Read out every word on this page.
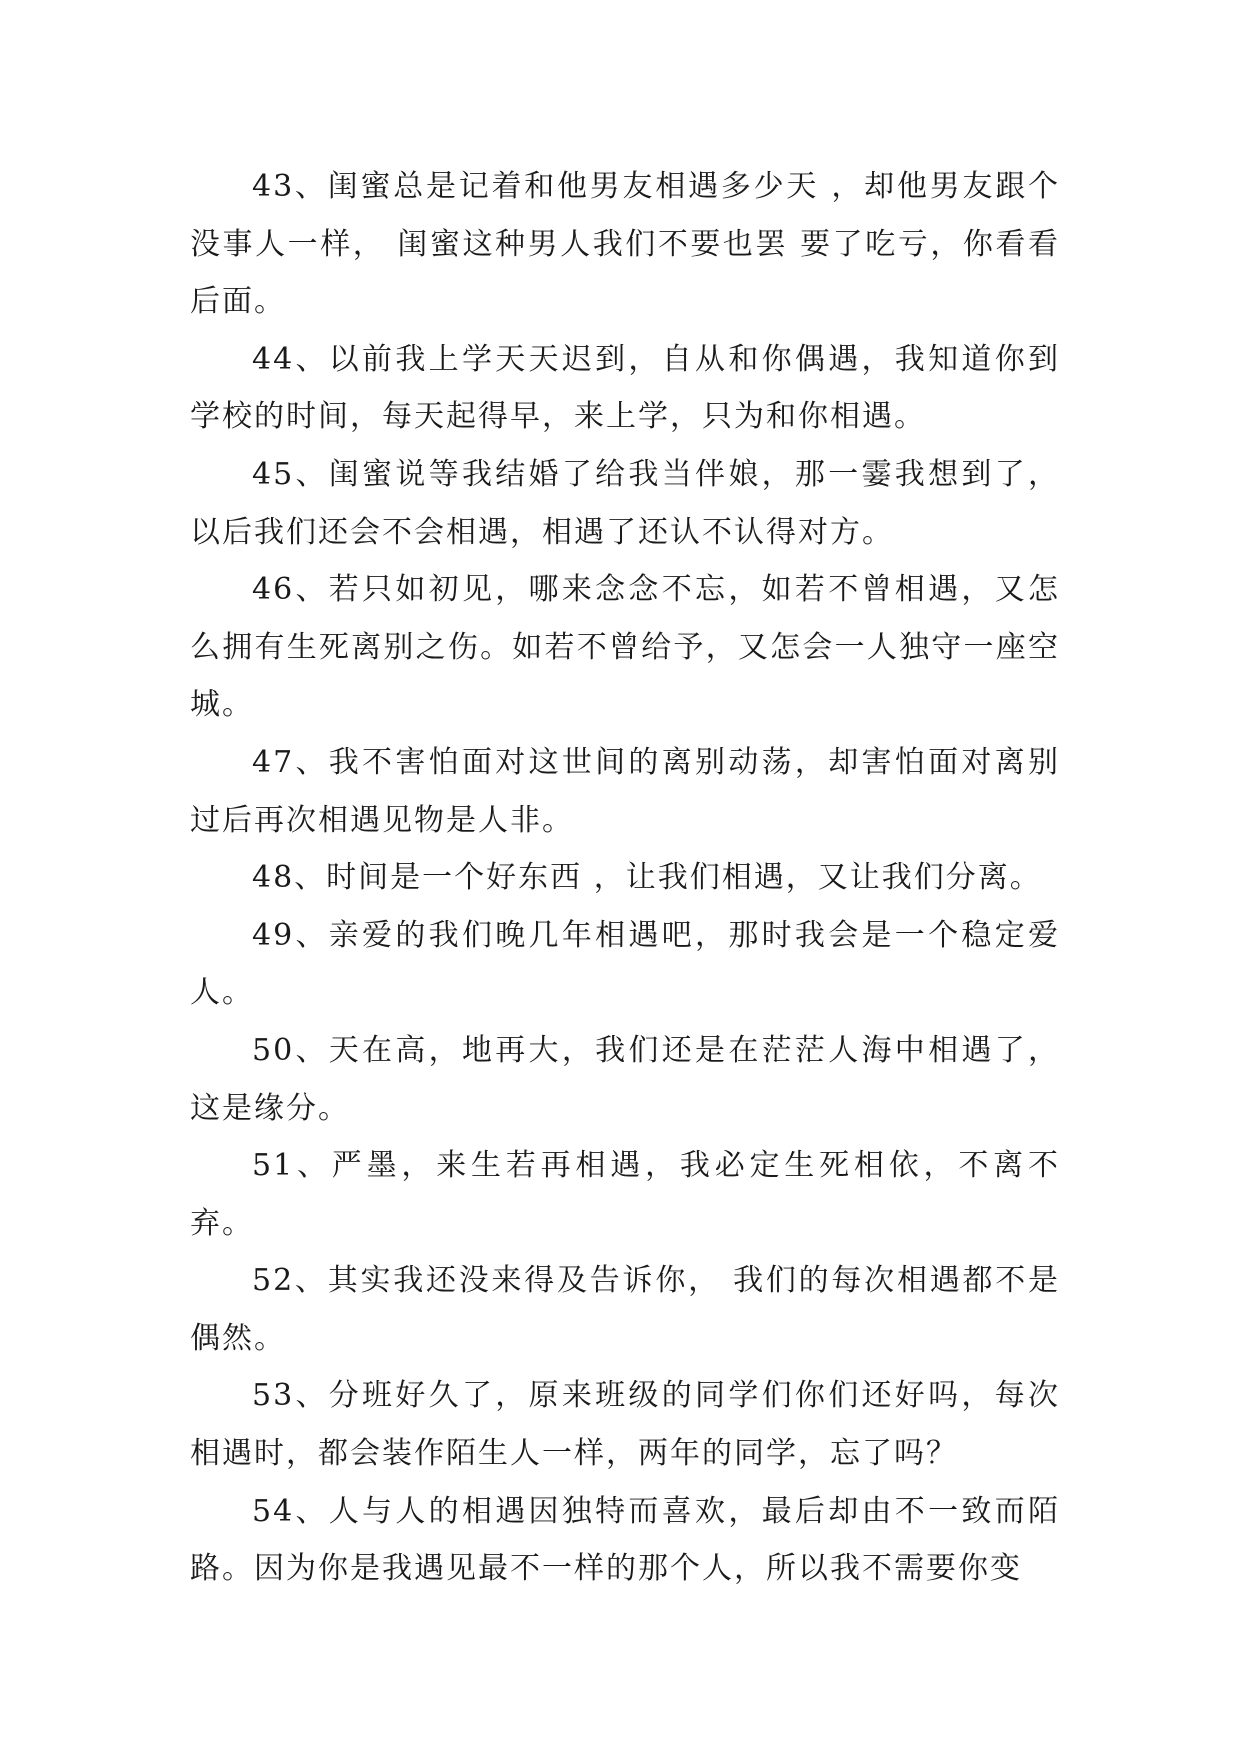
43、闺蜜总是记着和他男友相遇多少天 ，却他男友跟个没事人一样， 闺蜜这种男人我们不要也罢 要了吃亏，你看看后面。

44、以前我上学天天迟到，自从和你偶遇，我知道你到学校的时间，每天起得早，来上学，只为和你相遇。

45、闺蜜说等我结婚了给我当伴娘，那一霎我想到了，以后我们还会不会相遇，相遇了还认不认得对方。

46、若只如初见，哪来念念不忘，如若不曾相遇，又怎么拥有生死离别之伤。如若不曾给予，又怎会一人独守一座空城。

47、我不害怕面对这世间的离别动荡，却害怕面对离别过后再次相遇见物是人非。

48、时间是一个好东西 ，让我们相遇，又让我们分离。

49、亲爱的我们晚几年相遇吧，那时我会是一个稳定爱人。

50、天在高，地再大，我们还是在茫茫人海中相遇了，这是缘分。

51、严墨，来生若再相遇，我必定生死相依，不离不弃。

52、其实我还没来得及告诉你， 我们的每次相遇都不是偶然。

53、分班好久了，原来班级的同学们你们还好吗，每次相遇时，都会装作陌生人一样，两年的同学，忘了吗？

54、人与人的相遇因独特而喜欢，最后却由不一致而陌路。因为你是我遇见最不一样的那个人，所以我不需要你变
